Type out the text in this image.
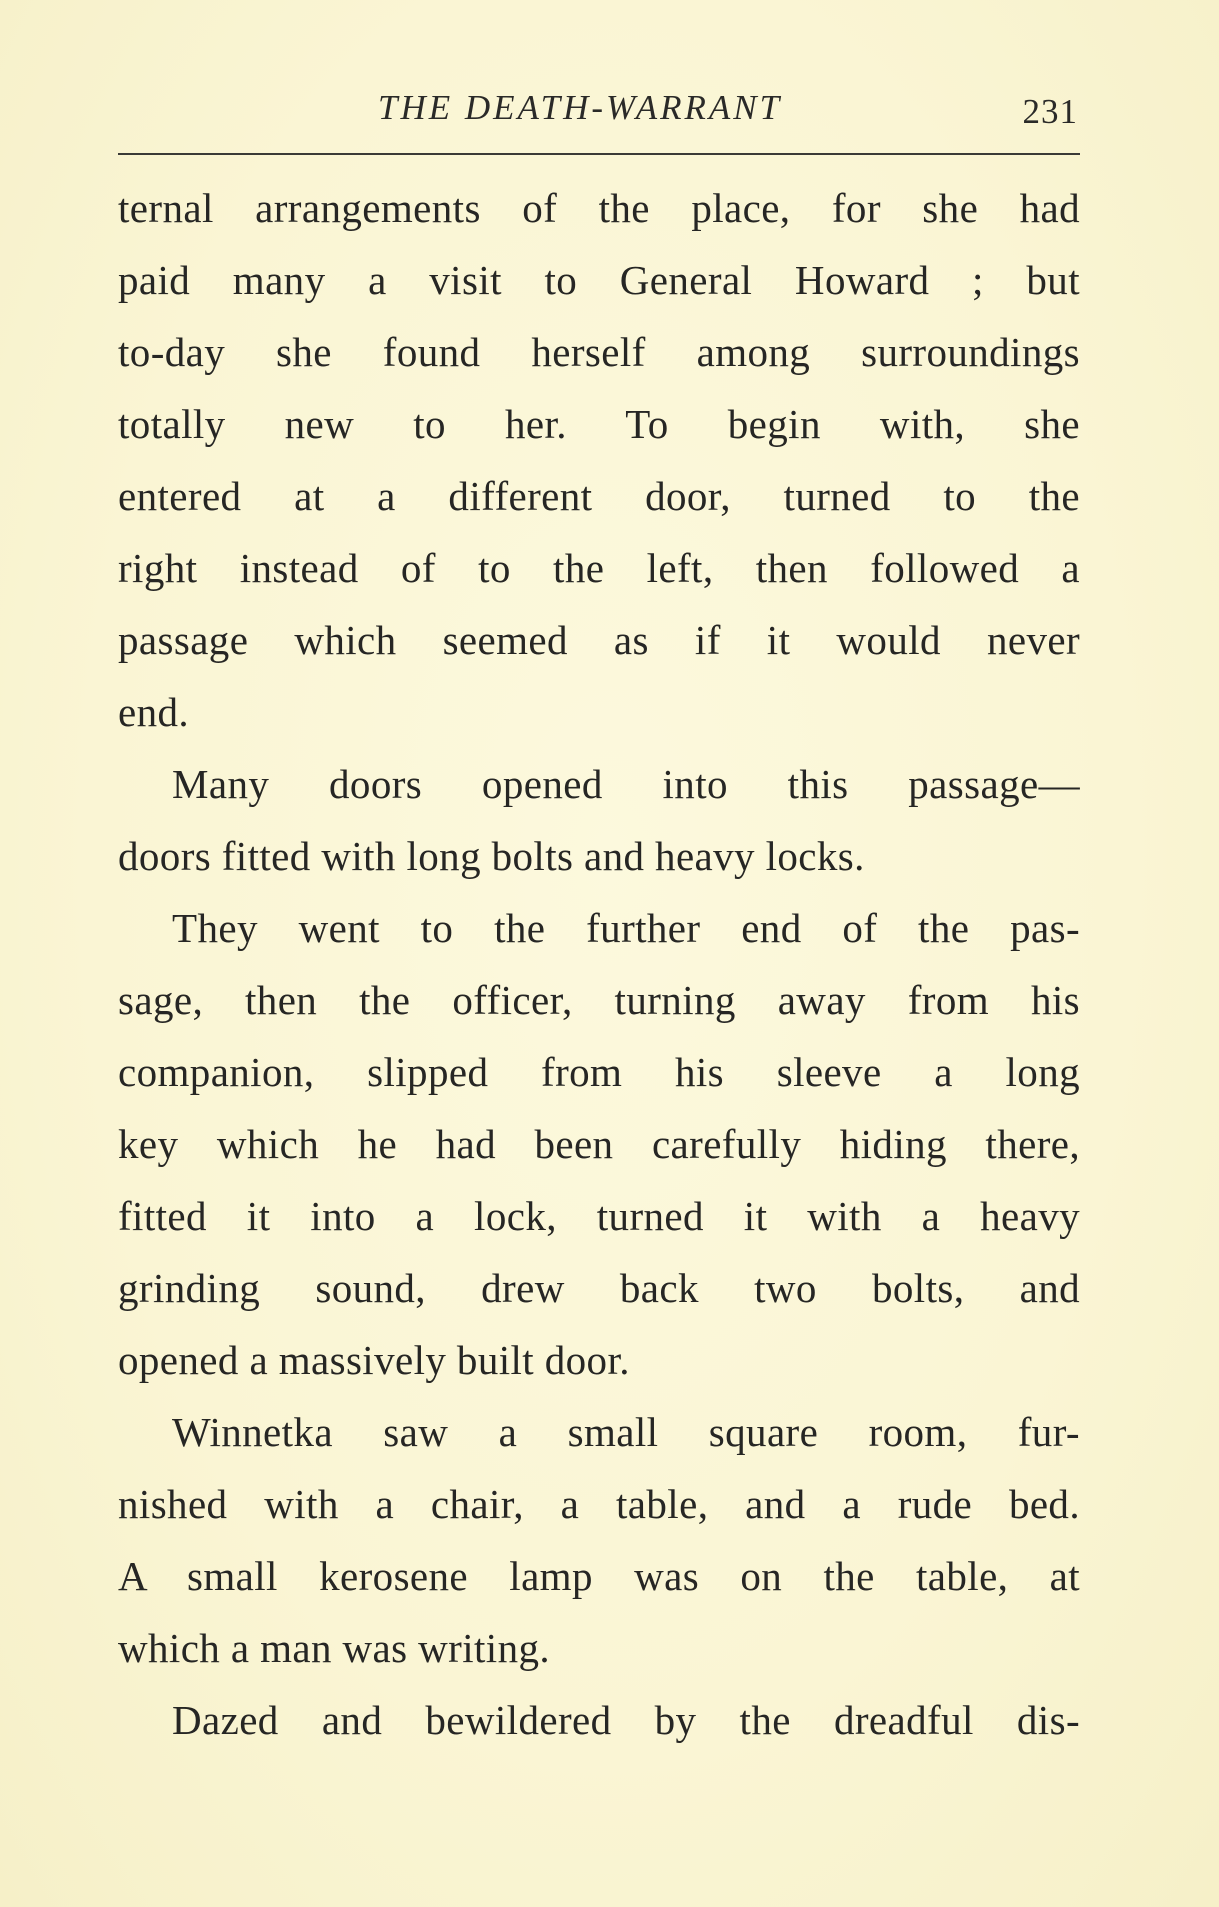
THE DEATH-WARRANT	231
ternal arrangements of the place, for she had
paid many a visit to General Howard ; but
to-day she found herself among surroundings
totally new to her. To begin with, she
entered at a different door, turned to the
right instead of to the left, then followed a
passage which seemed as if it would never
end.
Many doors opened into this passage—
doors fitted with long bolts and heavy locks.
They went to the further end of the pas-
sage, then the officer, turning away from his
companion, slipped from his sleeve a long
key which he had been carefully hiding there,
fitted it into a lock, turned it with a heavy
grinding sound, drew back two bolts, and
opened a massively built door.
Winnetka saw a small square room, fur-
nished with a chair, a table, and a rude bed.
A small kerosene lamp was on the table, at
which a man was writing.
Dazed and bewildered by the dreadful dis-
